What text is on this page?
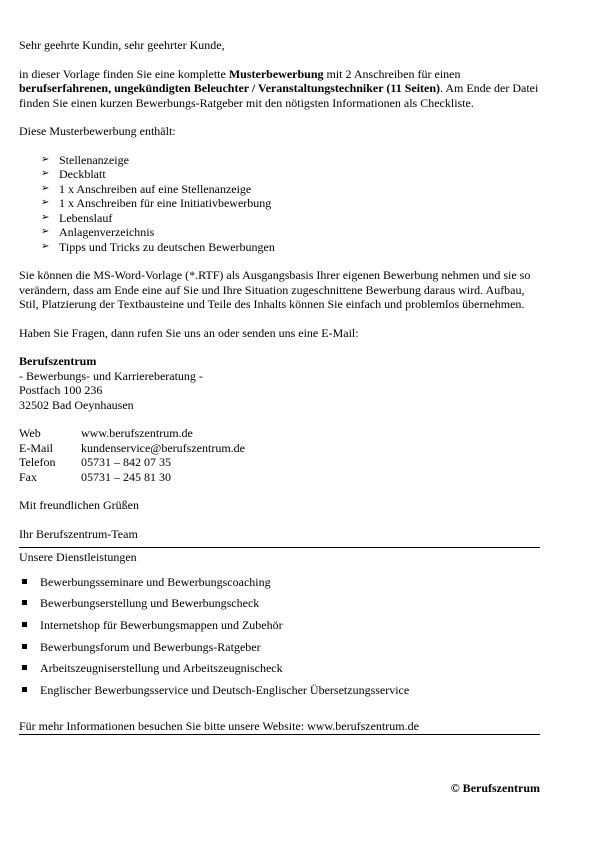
Sehr geehrte Kundin, sehr geehrter Kunde,

in dieser Vorlage finden Sie eine komplette Musterbewerbung mit 2 Anschreiben für einen berufserfahrenen, ungekündigten Beleuchter / Veranstaltungstechniker (11 Seiten). Am Ende der Datei finden Sie einen kurzen Bewerbungs-Ratgeber mit den nötigsten Informationen als Checkliste.

Diese Musterbewerbung enthält:

➢ Stellenanzeige
➢ Deckblatt
➢ 1 x Anschreiben auf eine Stellenanzeige
➢ 1 x Anschreiben für eine Initiativbewerbung
➢ Lebenslauf
➢ Anlagenverzeichnis
➢ Tipps und Tricks zu deutschen Bewerbungen

Sie können die MS-Word-Vorlage (*.RTF) als Ausgangsbasis Ihrer eigenen Bewerbung nehmen und sie so verändern, dass am Ende eine auf Sie und Ihre Situation zugeschnittene Bewerbung daraus wird. Aufbau, Stil, Platzierung der Textbausteine und Teile des Inhalts können Sie einfach und problemlos übernehmen.

Haben Sie Fragen, dann rufen Sie uns an oder senden uns eine E-Mail:

Berufszentrum
- Bewerbungs- und Karriereberatung -
Postfach 100 236
32502 Bad Oeynhausen
Web	www.berufszentrum.de
E-Mail	kundenservice@berufszentrum.de
Telefon	05731 – 842 07 35
Fax	05731 – 245 81 30

Mit freundlichen Grüßen

Ihr Berufszentrum-Team

Unsere Dienstleistungen
Bewerbungsseminare und Bewerbungscoaching
Bewerbungserstellung und Bewerbungscheck
Internetshop für Bewerbungsmappen und Zubehör
Bewerbungsforum und Bewerbungs-Ratgeber
Arbeitszeugniserstellung und Arbeitszeugnischeck
Englischer Bewerbungsservice und Deutsch-Englischer Übersetzungsservice
Für mehr Informationen besuchen Sie bitte unsere Website: www.berufszentrum.de
© Berufszentrum
